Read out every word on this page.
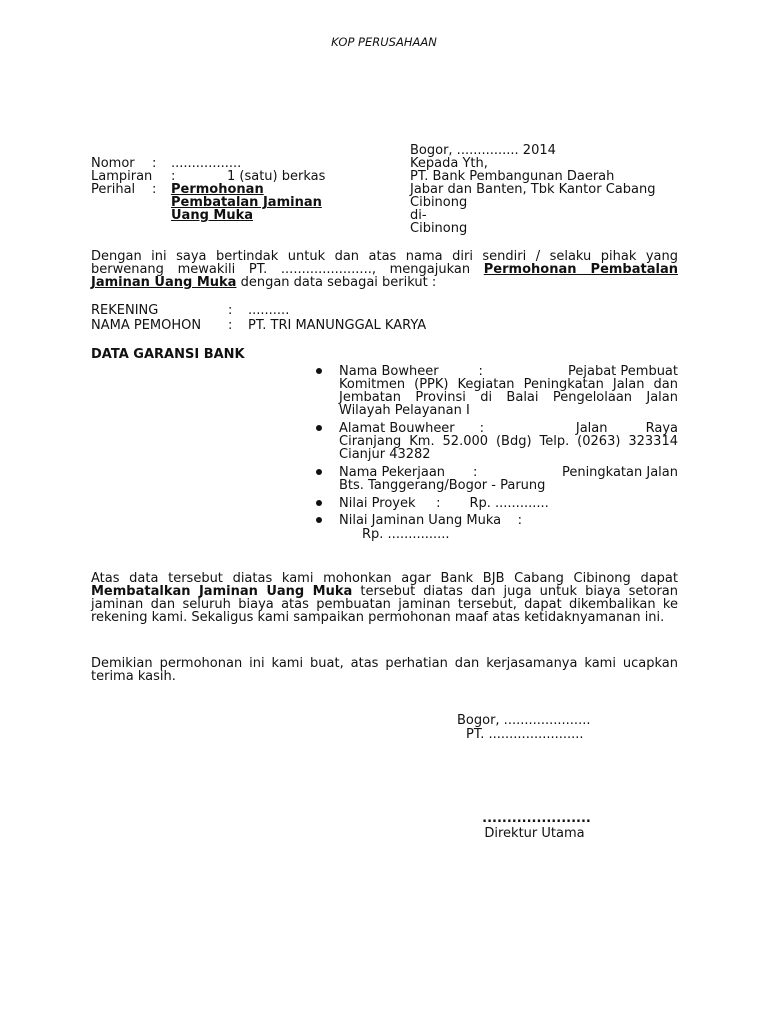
KOP PERUSAHAAN
Bogor, ............... 2014
Kepada Yth,
PT. Bank Pembangunan Daerah
Jabar dan Banten, Tbk Kantor Cabang
Cibinong
di-
Cibinong
Nomor : .................
Lampiran :	1 (satu) berkas
Perihal : Permohonan
Pembatalan Jaminan
Uang Muka
Dengan ini saya bertindak untuk dan atas nama diri sendiri / selaku pihak yang berwenang mewakili PT. ......................, mengajukan Permohonan Pembatalan Jaminan Uang Muka dengan data sebagai berikut :
REKENING	: ..........
NAMA PEMOHON : PT. TRI MANUNGGAL KARYA
DATA GARANSI BANK
Nama Bowheer	:	Pejabat Pembuat
Komitmen (PPK) Kegiatan Peningkatan Jalan dan Jembatan Provinsi di Balai Pengelolaan Jalan Wilayah Pelayanan I
Alamat Bouwheer :	Jalan Raya
Ciranjang Km. 52.000 (Bdg) Telp. (0263) 323314 Cianjur 43282
Nama Pekerjaan :	Peningkatan Jalan
Bts. Tanggerang/Bogor - Parung
Nilai Proyek     :       Rp. .............
Nilai Jaminan Uang Muka    :
Rp. ...............
Atas data tersebut diatas kami mohonkan agar Bank BJB Cabang Cibinong dapat Membatalkan Jaminan Uang Muka tersebut diatas dan juga untuk biaya setoran jaminan dan seluruh biaya atas pembuatan jaminan tersebut, dapat dikembalikan ke rekening kami. Sekaligus kami sampaikan permohonan maaf atas ketidaknyamanan ini.
Demikian permohonan ini kami buat, atas perhatian dan kerjasamanya kami ucapkan terima kasih.
Bogor, .....................
PT. .......................
......................
Direktur Utama
